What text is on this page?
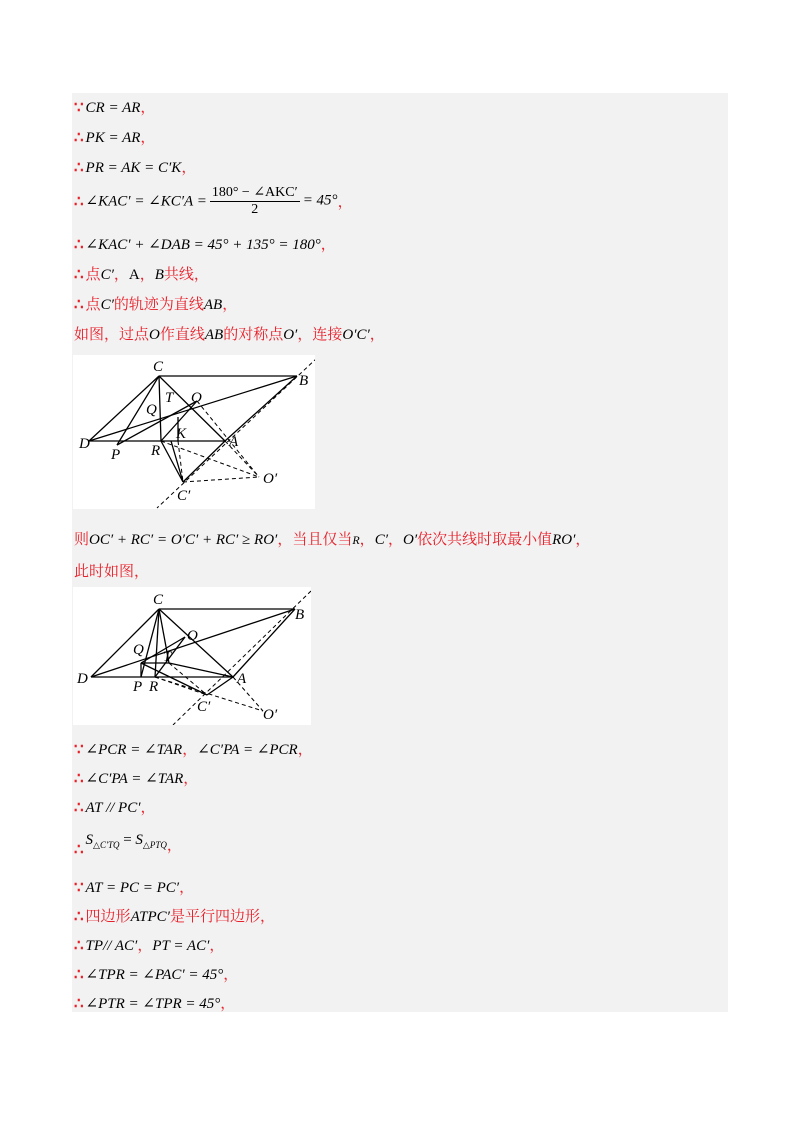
∵ CR = AR，
∴ PK = AR，
∴ PR = AK = C′K，
∴ ∠KAC′ = ∠KC′A = $\frac{\text{180° − ∠AKC′}}{2} = 45^\circ$，
∴ ∠KAC′ + ∠DAB = 45° + 135° = 180°，
∴ 点C′，A，B共线，
∴ 点C′的轨迹为直线AB，
如图，过点O作直线AB的对称点O′，连接O′C′，
C
B
T O
Q
K
D	R
A
P
O′
C′
则OC′ + RC′ = O′C′ + RC′ ≥ RO′，当且仅当R，C′，O′依次共线时取最小值RO′，
此时如图，
C
B
O
Q T
D	P R	A
C′	O′
∵ ∠PCR = ∠TAR，∠C′PA = ∠PCR，
∴ ∠C′PA = ∠TAR，
∴ AT // PC′，
$\therefore S_{\triangle C'TQ} = S_{\triangle PTQ}$，
∵ AT = PC = PC′，
∴ 四边形ATPC′是平行四边形，
∴ TP// AC′，PT = AC′，
∴ ∠TPR = ∠PAC′ = 45°，
∴ ∠PTR = ∠TPR = 45°，
